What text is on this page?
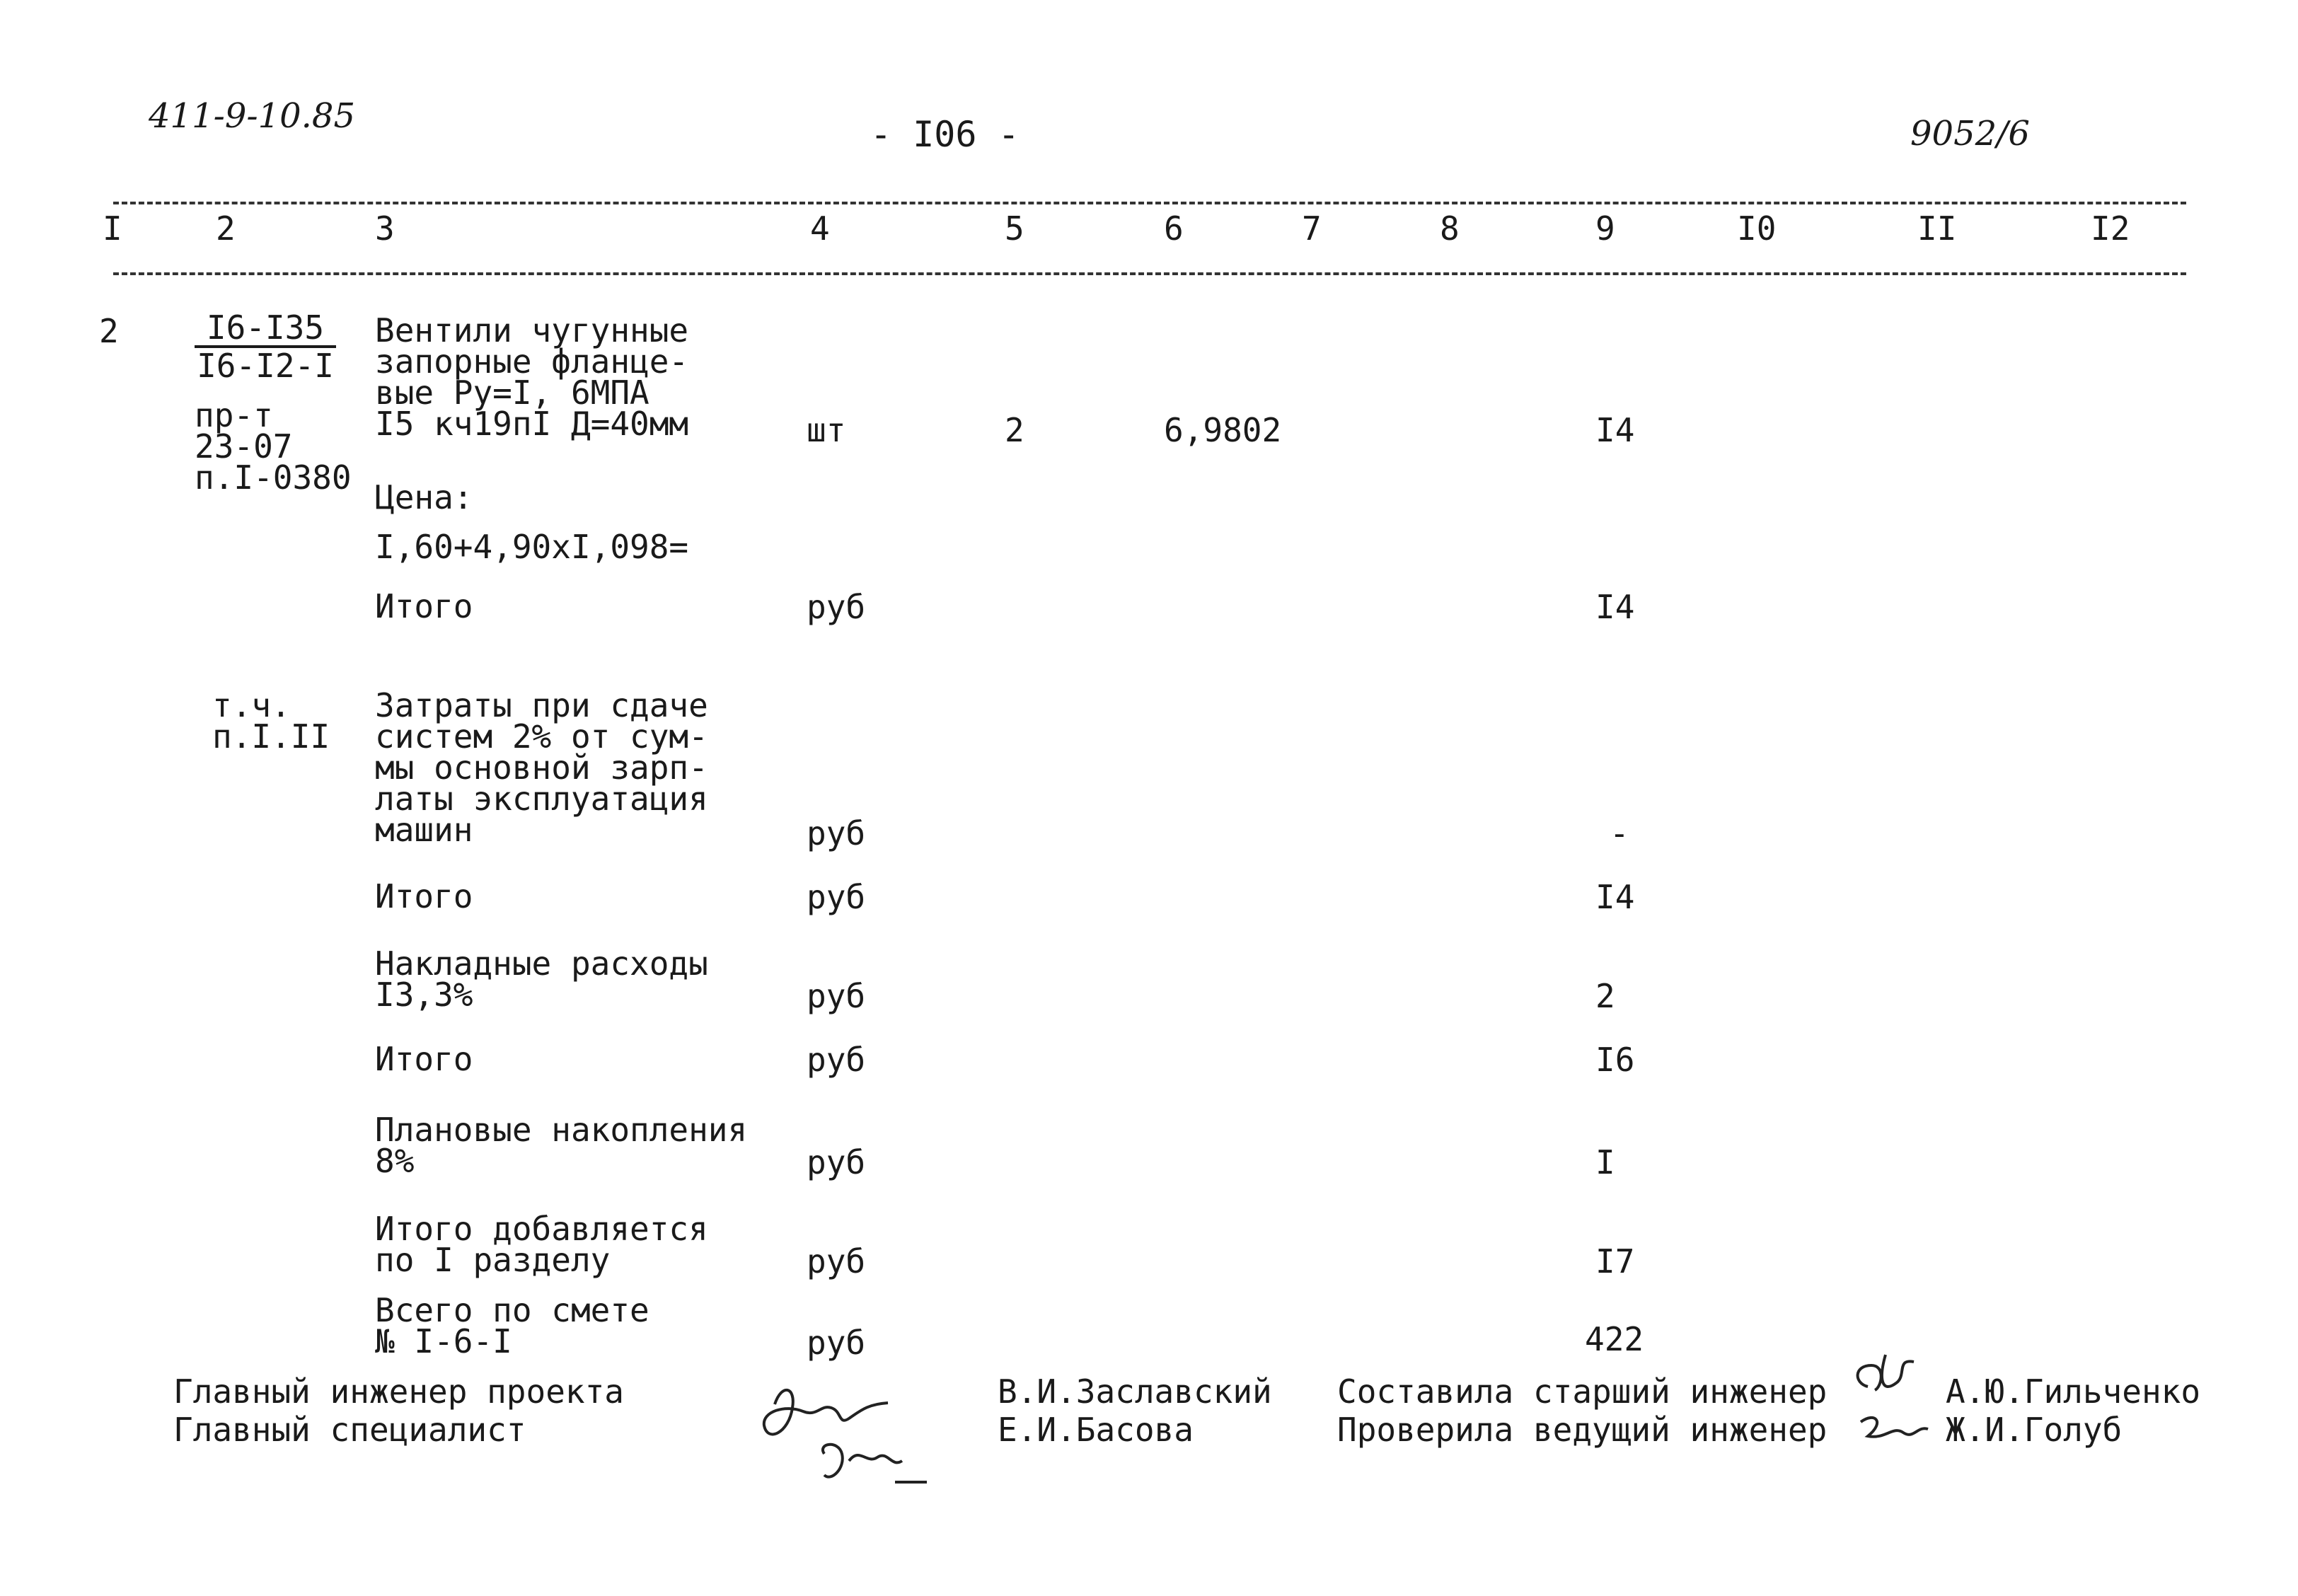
411-9-10.85	- I06 -	9052/6
I	2	3	4	5	6	7	8	9	I0	II	I2
$2 \frac{I6-I35}{I6-I2-I}$
пр-т
23-07
п.I-0380
Вентили чугунные
запорные фланце-
вые Ру=I, 6МПА
I5 кч19пI Д=40мм	шт	2	6,9802	I4
Цена:
I,60+4,90xI,098=
Итого	руб	I4
т.ч.
п.I.II
Затраты при сдаче
систем 2% от сум-
мы основной зарп-
латы эксплуатация
машин	руб	-
Итого	руб	I4
Накладные расходы
I3,3%	руб	2
Итого	руб	I6
Плановые накопления
8%	руб	I
Итого добавляется
по I разделу	руб	I7
Всего по смете
№ I-6-I	руб	422
Главный инженер проекта
Главный специалист
В.И.Заславский
Е.И.Басова
Составила старший инженер
Проверила ведущий инженер
А.Ю.Гильченко
Ж.И.Голуб
